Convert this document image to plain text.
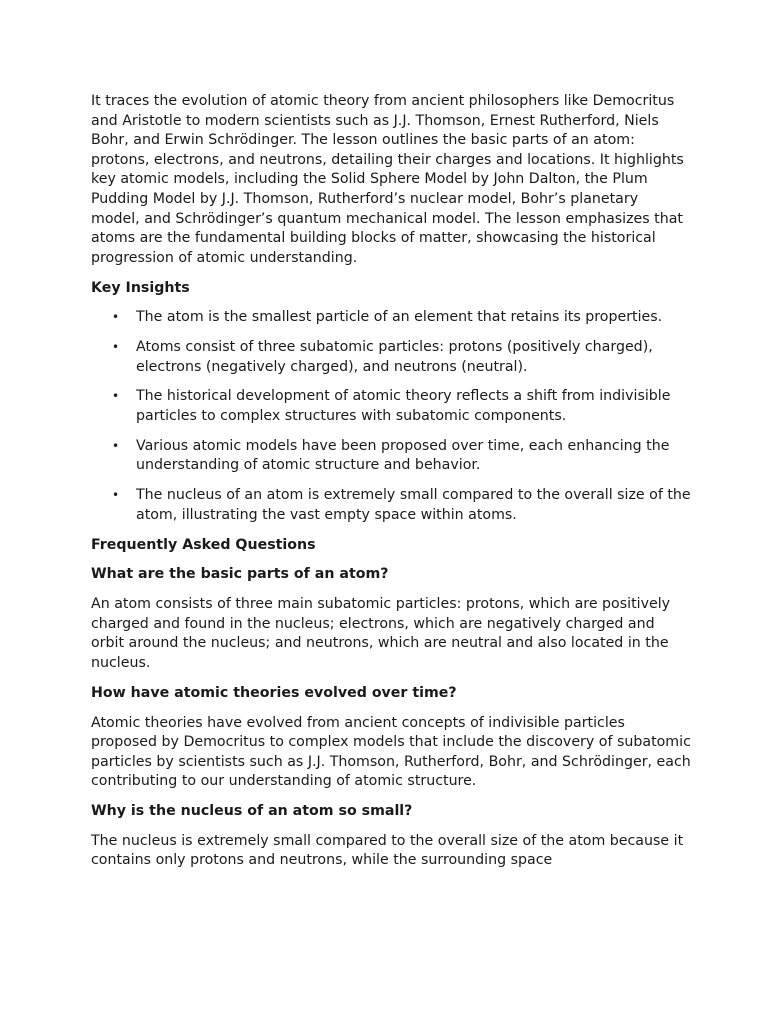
It traces the evolution of atomic theory from ancient philosophers like Democritus and Aristotle to modern scientists such as J.J. Thomson, Ernest Rutherford, Niels Bohr, and Erwin Schrödinger. The lesson outlines the basic parts of an atom: protons, electrons, and neutrons, detailing their charges and locations. It highlights key atomic models, including the Solid Sphere Model by John Dalton, the Plum Pudding Model by J.J. Thomson, Rutherford’s nuclear model, Bohr’s planetary model, and Schrödinger’s quantum mechanical model. The lesson emphasizes that atoms are the fundamental building blocks of matter, showcasing the historical progression of atomic understanding.

Key Insights
• The atom is the smallest particle of an element that retains its properties.
• Atoms consist of three subatomic particles: protons (positively charged), electrons (negatively charged), and neutrons (neutral).
• The historical development of atomic theory reflects a shift from indivisible particles to complex structures with subatomic components.
• Various atomic models have been proposed over time, each enhancing the understanding of atomic structure and behavior.
• The nucleus of an atom is extremely small compared to the overall size of the atom, illustrating the vast empty space within atoms.
Frequently Asked Questions
What are the basic parts of an atom?

An atom consists of three main subatomic particles: protons, which are positively charged and found in the nucleus; electrons, which are negatively charged and orbit around the nucleus; and neutrons, which are neutral and also located in the nucleus.

How have atomic theories evolved over time?

Atomic theories have evolved from ancient concepts of indivisible particles proposed by Democritus to complex models that include the discovery of subatomic particles by scientists such as J.J. Thomson, Rutherford, Bohr, and Schrödinger, each contributing to our understanding of atomic structure.

Why is the nucleus of an atom so small?

The nucleus is extremely small compared to the overall size of the atom because it contains only protons and neutrons, while the surrounding space
